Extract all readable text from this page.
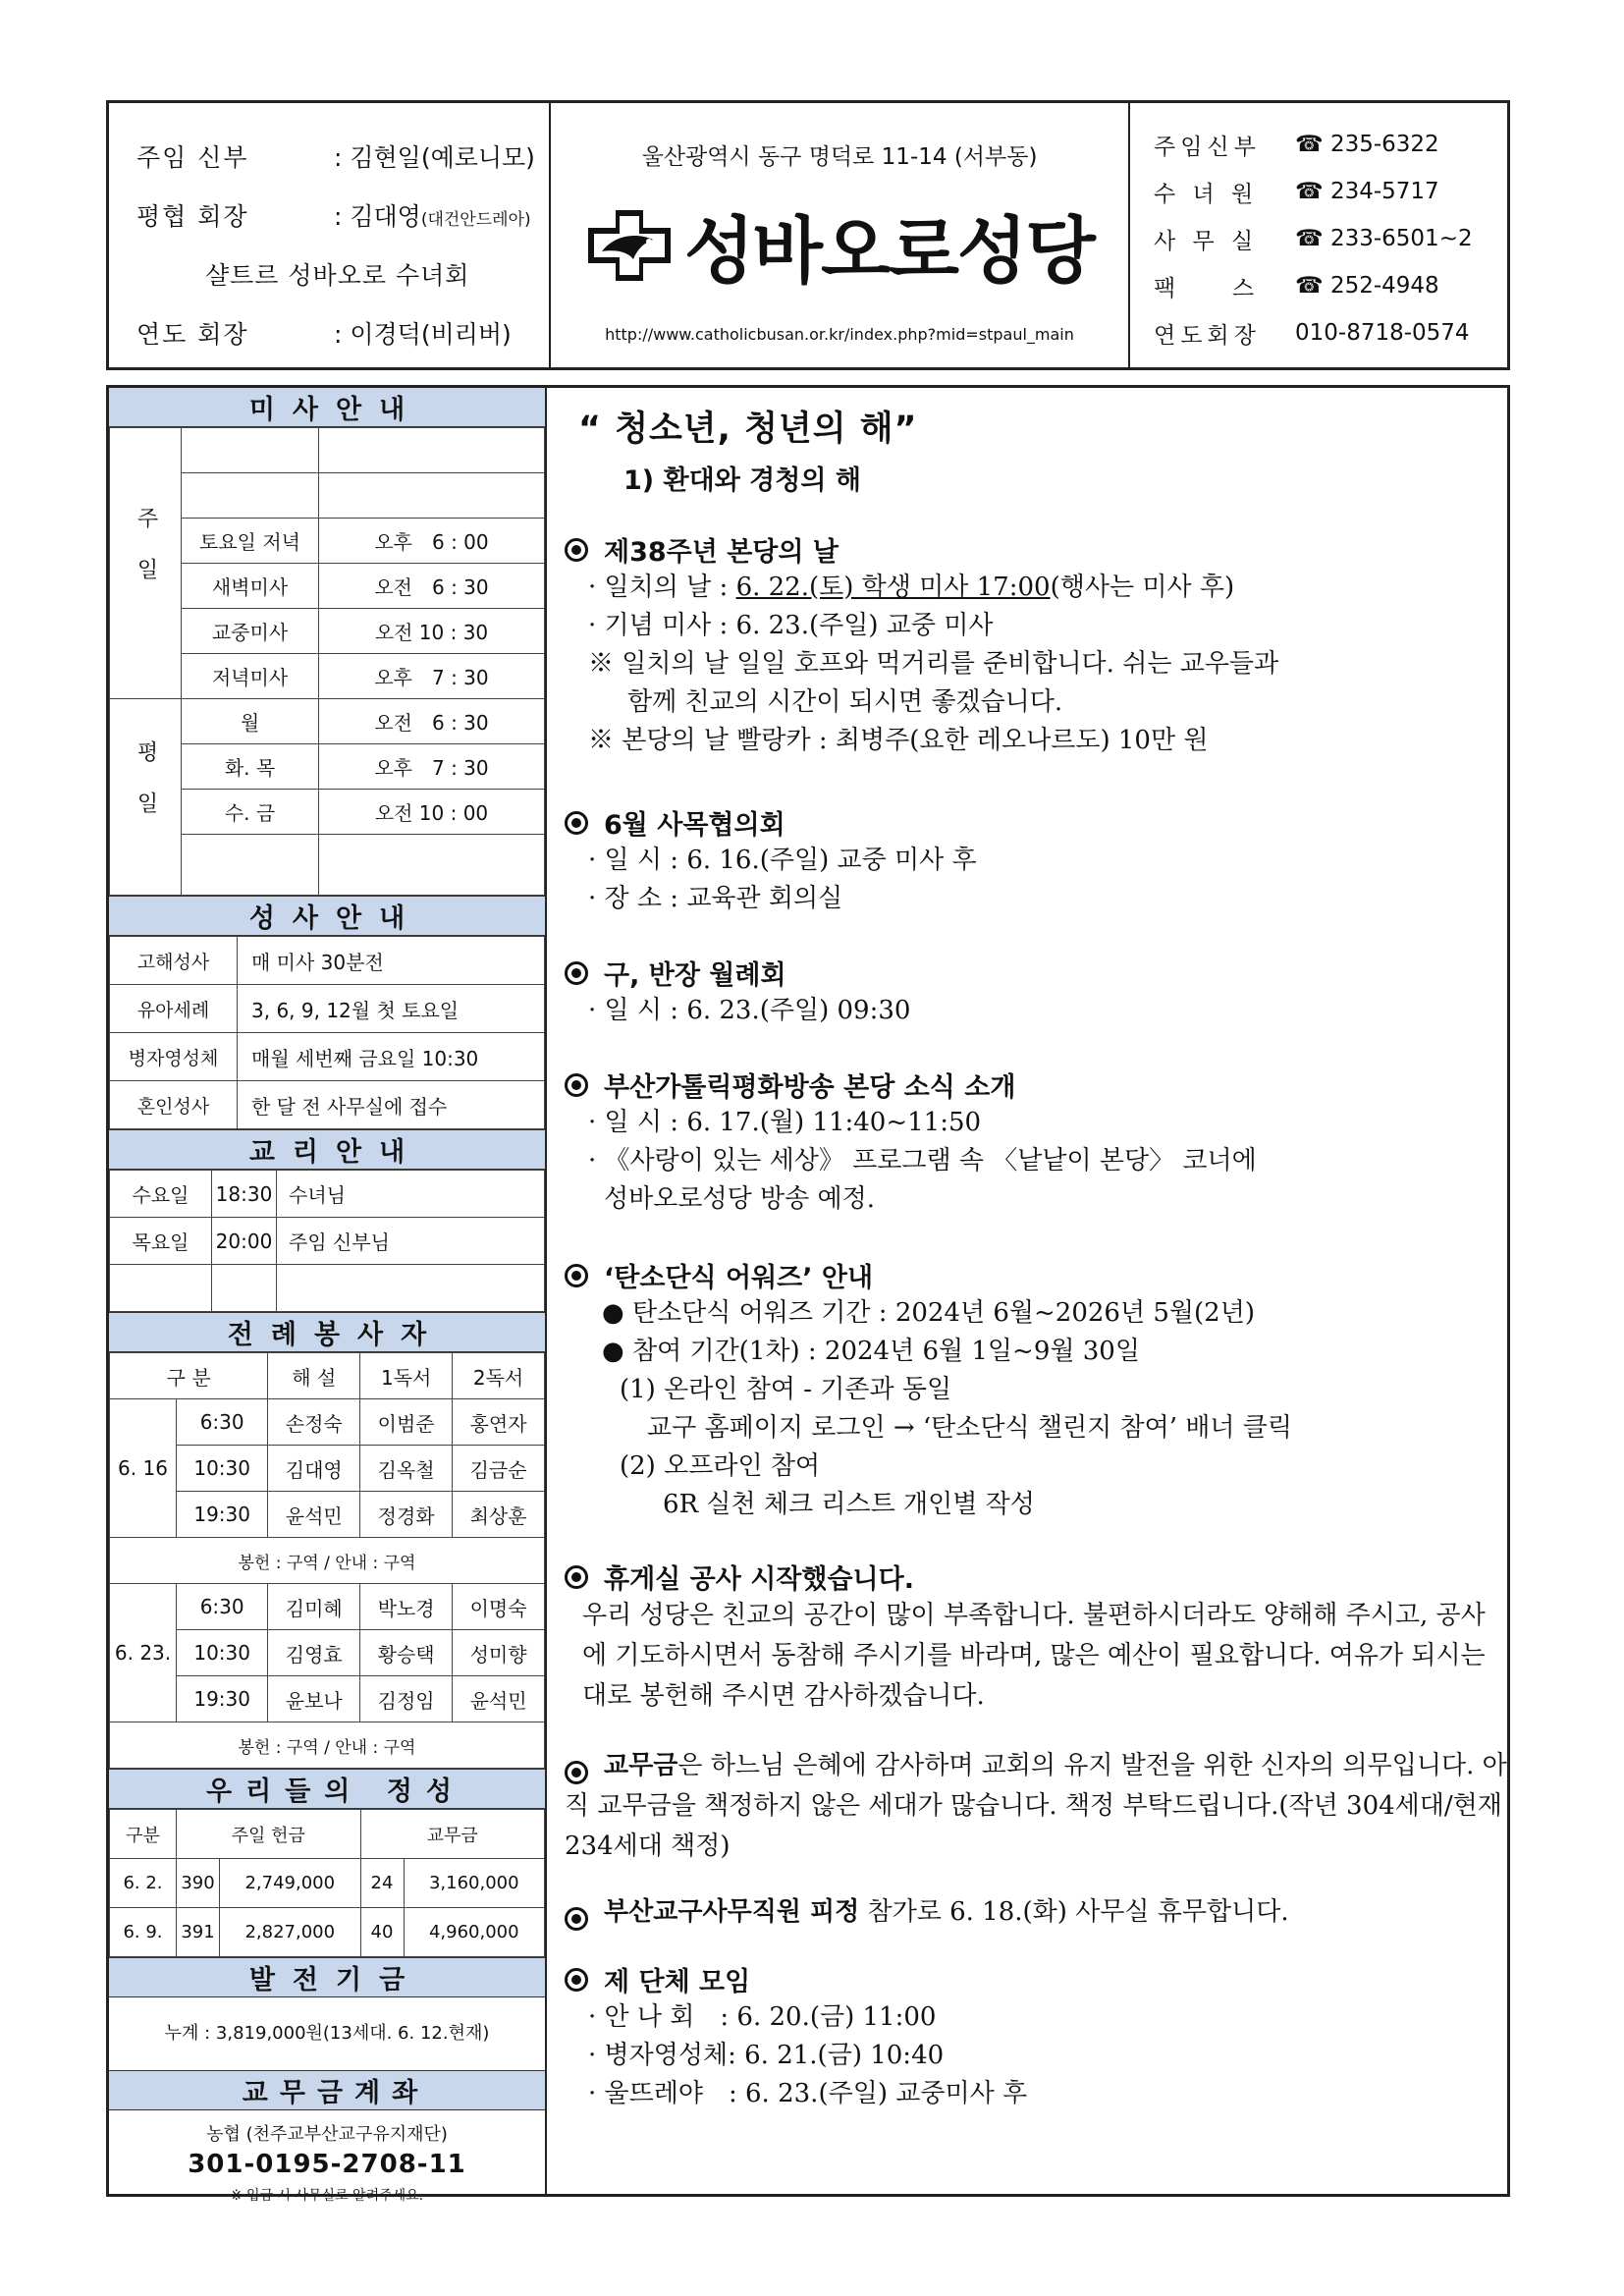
주임 신부	　: 김현일(예로니모)
평협 회장	　: 김대영(대건안드레아)
샬트르 성바오로 수녀회
연도 회장	　: 이경덕(비리버)
울산광역시 동구 명덕로 11-14 (서부동)
성바오로성당
http://www.catholicbusan.or.kr/index.php?mid=stpaul_main
주임신부	☎ 235-6322
수 녀 원	☎ 234-5717
사 무 실	☎ 233-6501~2
팩 　 스	☎ 252-4948
연도회장	010-8718-0574
미사안내
주일		

	토요일 저녁	오후　6 : 00
	새벽미사	오전　6 : 30
	교중미사	오전 10 : 30
	저녁미사	오후　7 : 30
평일	월	오전　6 : 30
	화. 목	오후　7 : 30
	수. 금	오전 10 : 00

성사안내
고해성사	매 미사 30분전
유아세례	3, 6, 9, 12월 첫 토요일
병자영성체	매월 세번째 금요일 10:30
혼인성사	한 달 전 사무실에 접수
교리안내
수요일	18:30	수녀님
목요일	20:00	주임 신부님

전례봉사자
구 분		해 설	1독서	2독서
6. 16	6:30	손정숙	이범준	홍연자
	10:30	김대영	김옥철	김금순
	19:30	윤석민	정경화	최상훈
봉헌 : 구역 / 안내 : 구역				
6. 23.	6:30	김미혜	박노경	이명숙
	10:30	김영효	황승택	성미향
	19:30	윤보나	김정임	윤석민
봉헌 : 구역 / 안내 : 구역				
우리들의 정성
구분	주일 헌금		교무금	
6. 2.	390	2,749,000	24	3,160,000
6. 9.	391	2,827,000	40	4,960,000
발전기금
누계 : 3,819,000원(13세대. 6. 12.현재)
교무금계좌
농협 (천주교부산교구유지재단)
301-0195-2708-11
※ 입금 시 사무실로 알려주세요.
“ 청소년, 청년의 해”
1) 환대와 경청의 해
제38주년 본당의 날
· 일치의 날 : 6. 22.(토) 학생 미사 17:00(행사는 미사 후)
· 기념 미사 : 6. 23.(주일) 교중 미사
※ 일치의 날 일일 호프와 먹거리를 준비합니다. 쉬는 교우들과
함께 친교의 시간이 되시면 좋겠습니다.
※ 본당의 날 빨랑카 : 최병주(요한 레오나르도) 10만 원
6월 사목협의회
· 일 시 : 6. 16.(주일) 교중 미사 후
· 장 소 : 교육관 회의실
구, 반장 월례회
· 일 시 : 6. 23.(주일) 09:30
부산가톨릭평화방송 본당 소식 소개
· 일 시 : 6. 17.(월) 11:40~11:50
· 《사랑이 있는 세상》 프로그램 속 〈낱낱이 본당〉 코너에
성바오로성당 방송 예정.
‘탄소단식 어워즈’ 안내
● 탄소단식 어워즈 기간 : 2024년 6월~2026년 5월(2년)
● 참여 기간(1차) : 2024년 6월 1일~9월 30일
(1) 온라인 참여 - 기존과 동일
교구 홈페이지 로그인 → ‘탄소단식 챌린지 참여’ 배너 클릭
(2) 오프라인 참여
6R 실천 체크 리스트 개인별 작성
휴게실 공사 시작했습니다.
우리 성당은 친교의 공간이 많이 부족합니다. 불편하시더라도 양해해 주시고, 공사에 기도하시면서 동참해 주시기를 바라며, 많은 예산이 필요합니다. 여유가 되시는 대로 봉헌해 주시면 감사하겠습니다.
교무금은 하느님 은혜에 감사하며 교회의 유지 발전을 위한 신자의 의무입니다. 아직 교무금을 책정하지 않은 세대가 많습니다. 책정 부탁드립니다.(작년 304세대/현재 234세대 책정)
부산교구사무직원 피정 참가로 6. 18.(화) 사무실 휴무합니다.
제 단체 모임
· 안 나 회　: 6. 20.(금) 11:00
· 병자영성체: 6. 21.(금) 10:40
· 울뜨레야　: 6. 23.(주일) 교중미사 후
